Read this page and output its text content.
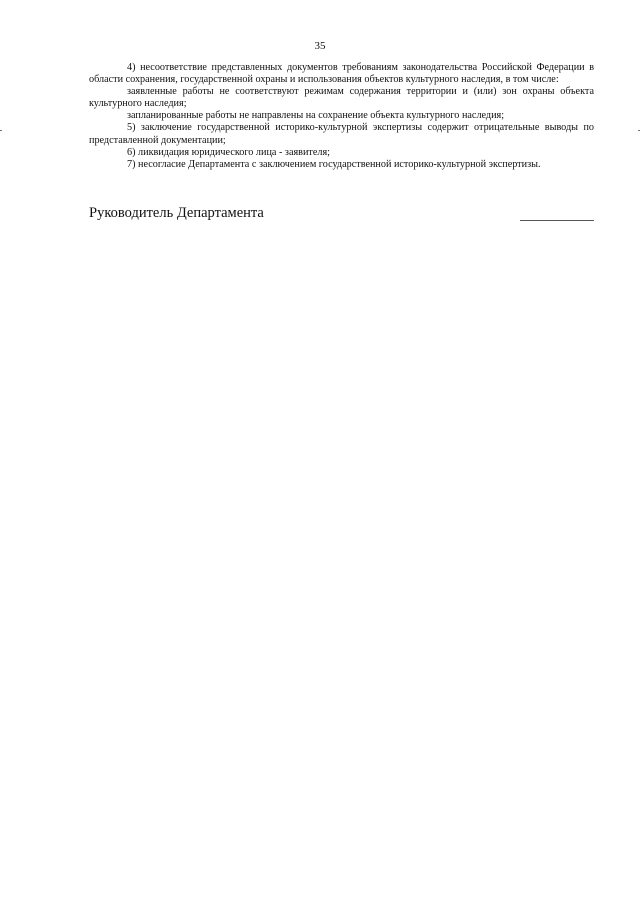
35

4) несоответствие представленных документов требованиям законодательства Российской Федерации в области сохранения, государственной охраны и использования объектов культурного наследия, в том числе:

заявленные работы не соответствуют режимам содержания территории и (или) зон охраны объекта культурного наследия;

запланированные работы не направлены на сохранение объекта культурного наследия;

5) заключение государственной историко-культурной экспертизы содержит отрицательные выводы по представленной документации;

6) ликвидация юридического лица - заявителя;

7) несогласие Департамента с заключением государственной историко-культурной экспертизы.

Руководитель Департамента
